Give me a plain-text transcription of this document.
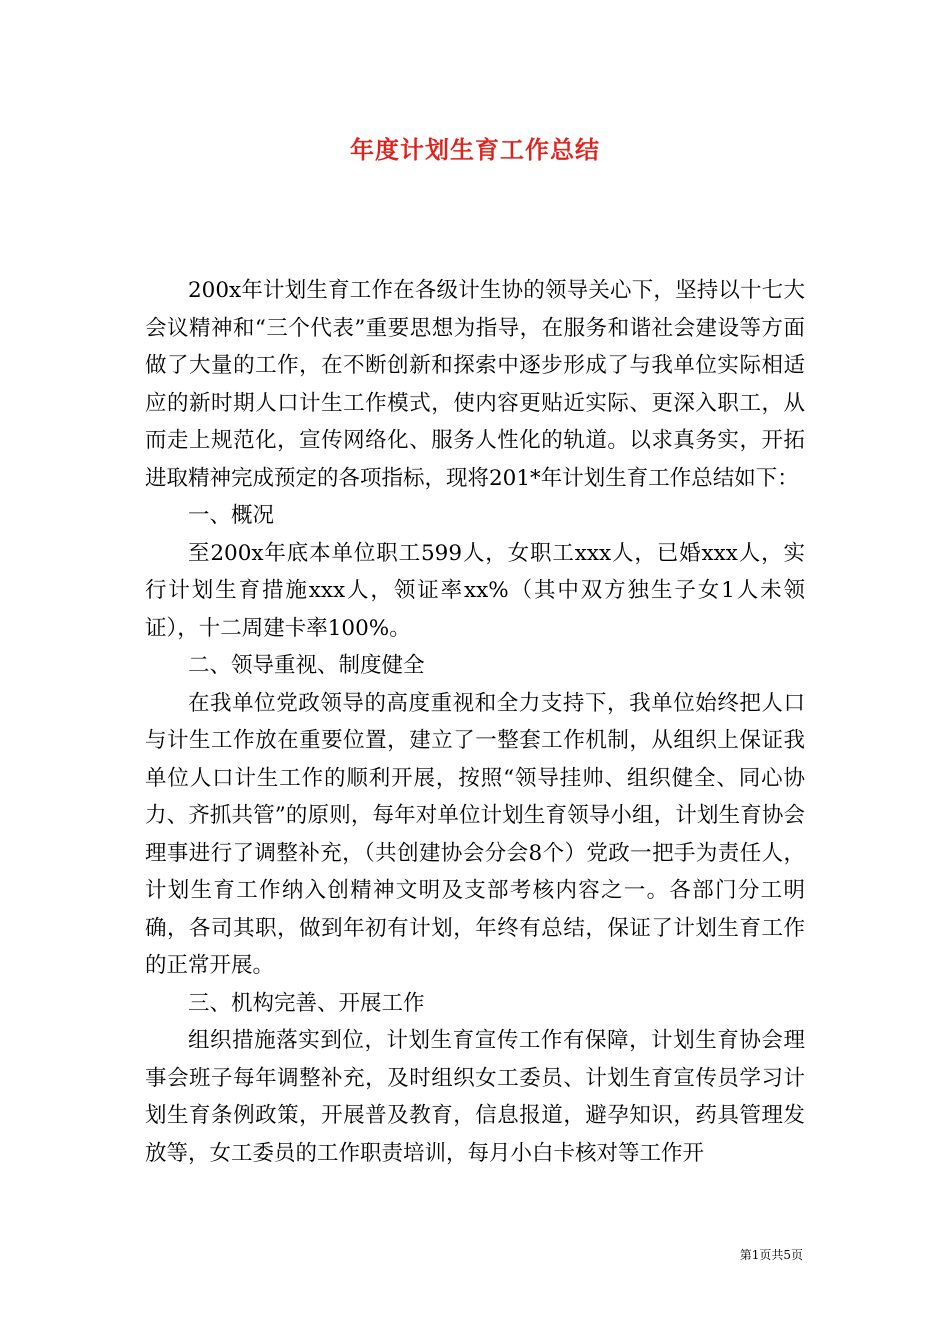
年度计划生育工作总结

200x年计划生育工作在各级计生协的领导关心下，坚持以十七大会议精神和“三个代表”重要思想为指导，在服务和谐社会建设等方面做了大量的工作，在不断创新和探索中逐步形成了与我单位实际相适应的新时期人口计生工作模式，使内容更贴近实际、更深入职工，从而走上规范化，宣传网络化、服务人性化的轨道。以求真务实，开拓进取精神完成预定的各项指标，现将201*年计划生育工作总结如下：

一、概况

至200x年底本单位职工599人，女职工xxx人，已婚xxx人，实行计划生育措施xxx人，领证率xx%（其中双方独生子女1人未领证），十二周建卡率100%。

二、领导重视、制度健全

在我单位党政领导的高度重视和全力支持下，我单位始终把人口与计生工作放在重要位置，建立了一整套工作机制，从组织上保证我单位人口计生工作的顺利开展，按照“领导挂帅、组织健全、同心协力、齐抓共管”的原则，每年对单位计划生育领导小组，计划生育协会理事进行了调整补充，（共创建协会分会8个）党政一把手为责任人，计划生育工作纳入创精神文明及支部考核内容之一。各部门分工明确，各司其职，做到年初有计划，年终有总结，保证了计划生育工作的正常开展。

三、机构完善、开展工作

组织措施落实到位，计划生育宣传工作有保障，计划生育协会理事会班子每年调整补充，及时组织女工委员、计划生育宣传员学习计划生育条例政策，开展普及教育，信息报道，避孕知识，药具管理发放等，女工委员的工作职责培训，每月小白卡核对等工作开

第1页共5页
